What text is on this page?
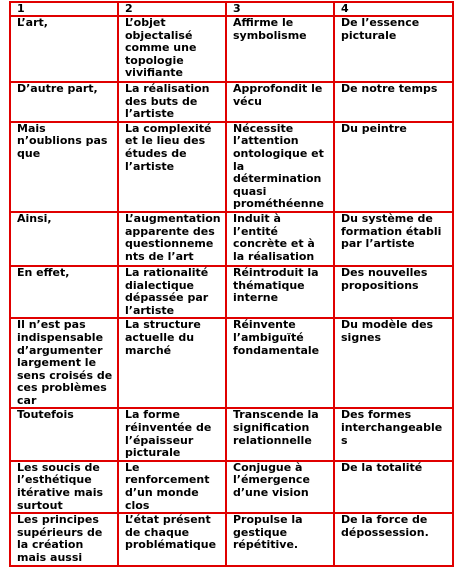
1	2	3	4
L’art,	L’objet objectalisé comme une topologie vivifiante	Affirme le symbolisme	De l’essence picturale
D’autre part,	La réalisation des buts de l’artiste	Approfondit le vécu	De notre temps
Mais n’oublions pas que	La complexité et le lieu des études de l’artiste	Nécessite l’attention ontologique et la détermination quasi prométhéenne	Du peintre
Ainsi,	L’augmentation apparente des questionnements de l’art	Induit à l’entité concrète et à la réalisation	Du système de formation établi par l’artiste
En effet,	La rationalité dialectique dépassée par l’artiste	Réintroduit la thématique interne	Des nouvelles propositions
Il n’est pas indispensable d’argumenter largement le sens croisés de ces problèmes car	La structure actuelle du marché	Réinvente l’ambiguïté fondamentale	Du modèle des signes
Toutefois	La forme réinventée de l’épaisseur picturale	Transcende la signification relationnelle	Des formes interchangeables
Les soucis de l’esthétique itérative mais surtout	Le renforcement d’un monde clos	Conjugue à l’émergence d’une vision	De la totalité
Les principes supérieurs de la création mais aussi	L’état présent de chaque problématique	Propulse la gestique répétitive.	De la force de dépossession.
